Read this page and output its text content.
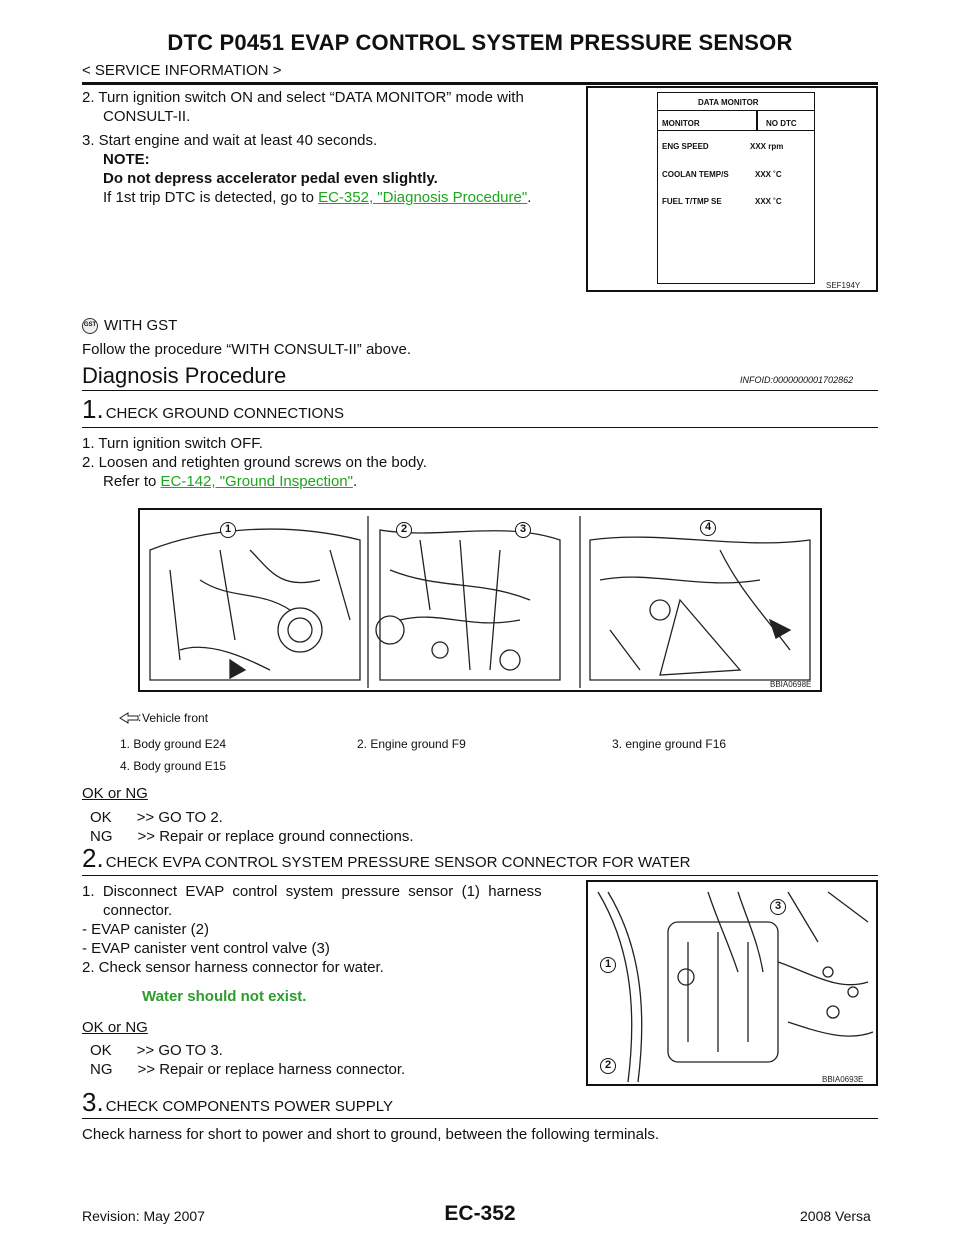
DTC P0451 EVAP CONTROL SYSTEM PRESSURE SENSOR
< SERVICE INFORMATION >
2. Turn ignition switch ON and select “DATA MONITOR” mode with
CONSULT-II.
3. Start engine and wait at least 40 seconds.
NOTE:
Do not depress accelerator pedal even slightly.
If 1st trip DTC is detected, go to EC-352, "Diagnosis Procedure".
DATA MONITOR
MONITOR	NO DTC
ENG SPEED	XXX rpm
COOLAN TEMP/S	XXX ˚C
FUEL T/TMP SE	XXX ˚C
SEF194Y
GST WITH GST
Follow the procedure “WITH CONSULT-II” above.
Diagnosis Procedure	INFOID:0000000001702862
1. CHECK GROUND CONNECTIONS
1. Turn ignition switch OFF.
2. Loosen and retighten ground screws on the body.
Refer to EC-142, "Ground Inspection".
1	2	3	4
BBIA0698E
: Vehicle front
1. Body ground E24	2. Engine ground F9	3. engine ground F16
4. Body ground E15
OK or NG
OK      >> GO TO 2.
NG      >> Repair or replace ground connections.
2. CHECK EVPA CONTROL SYSTEM PRESSURE SENSOR CONNECTOR FOR WATER
1.  Disconnect  EVAP  control  system  pressure  sensor  (1)  harness
connector.
- EVAP canister (2)
- EVAP canister vent control valve (3)
2. Check sensor harness connector for water.
Water should not exist.
OK or NG
OK      >> GO TO 3.
NG      >> Repair or replace harness connector.
3
1
2
BBIA0693E
3. CHECK COMPONENTS POWER SUPPLY
Check harness for short to power and short to ground, between the following terminals.
Revision: May 2007	EC-352	2008 Versa
